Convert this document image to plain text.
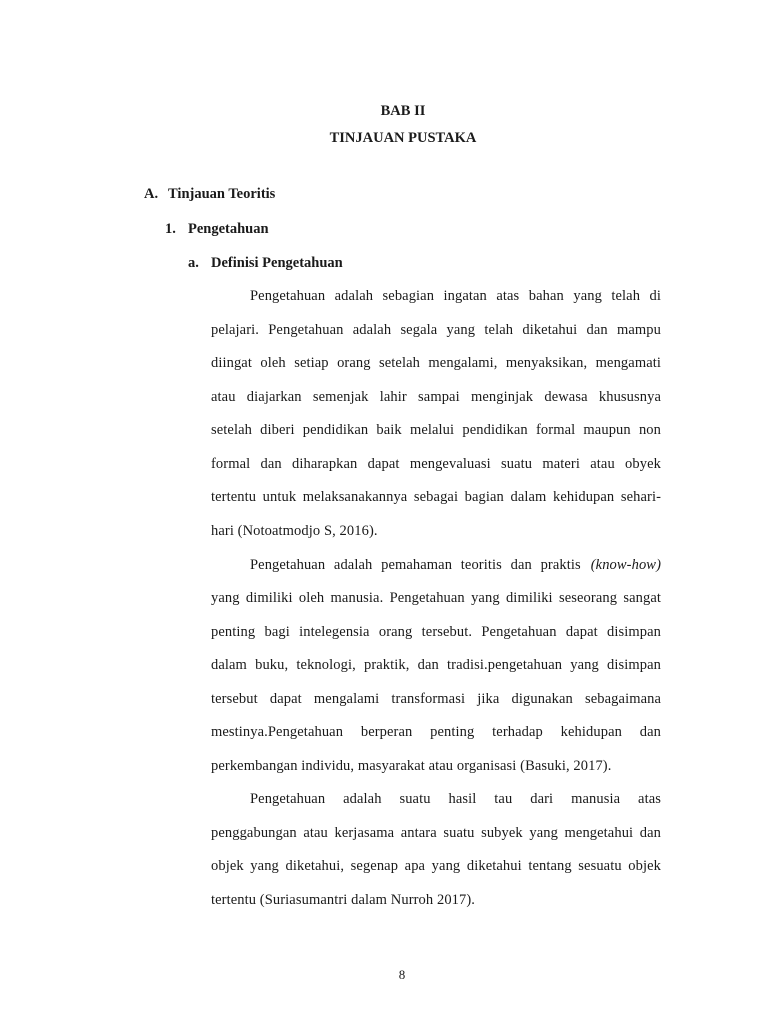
BAB II
TINJAUAN PUSTAKA
A. Tinjauan Teoritis
1. Pengetahuan
a. Definisi Pengetahuan
Pengetahuan adalah sebagian ingatan atas bahan yang telah di
pelajari. Pengetahuan adalah segala yang telah diketahui dan mampu
diingat oleh setiap orang setelah mengalami, menyaksikan, mengamati
atau diajarkan semenjak lahir sampai menginjak dewasa khususnya
setelah diberi pendidikan baik melalui pendidikan formal maupun non
formal dan diharapkan dapat mengevaluasi suatu materi atau obyek
tertentu untuk melaksanakannya sebagai bagian dalam kehidupan sehari-
hari (Notoatmodjo S, 2016).
Pengetahuan adalah pemahaman teoritis dan praktis (know-how)
yang dimiliki oleh manusia. Pengetahuan yang dimiliki seseorang sangat
penting bagi intelegensia orang tersebut. Pengetahuan dapat disimpan
dalam buku, teknologi, praktik, dan tradisi.pengetahuan yang disimpan
tersebut dapat mengalami transformasi jika digunakan sebagaimana
mestinya.Pengetahuan berperan penting terhadap kehidupan dan
perkembangan individu, masyarakat atau organisasi (Basuki, 2017).
Pengetahuan adalah suatu hasil tau dari manusia atas
penggabungan atau kerjasama antara suatu subyek yang mengetahui dan
objek yang diketahui, segenap apa yang diketahui tentang sesuatu objek
tertentu (Suriasumantri dalam Nurroh 2017).
8
